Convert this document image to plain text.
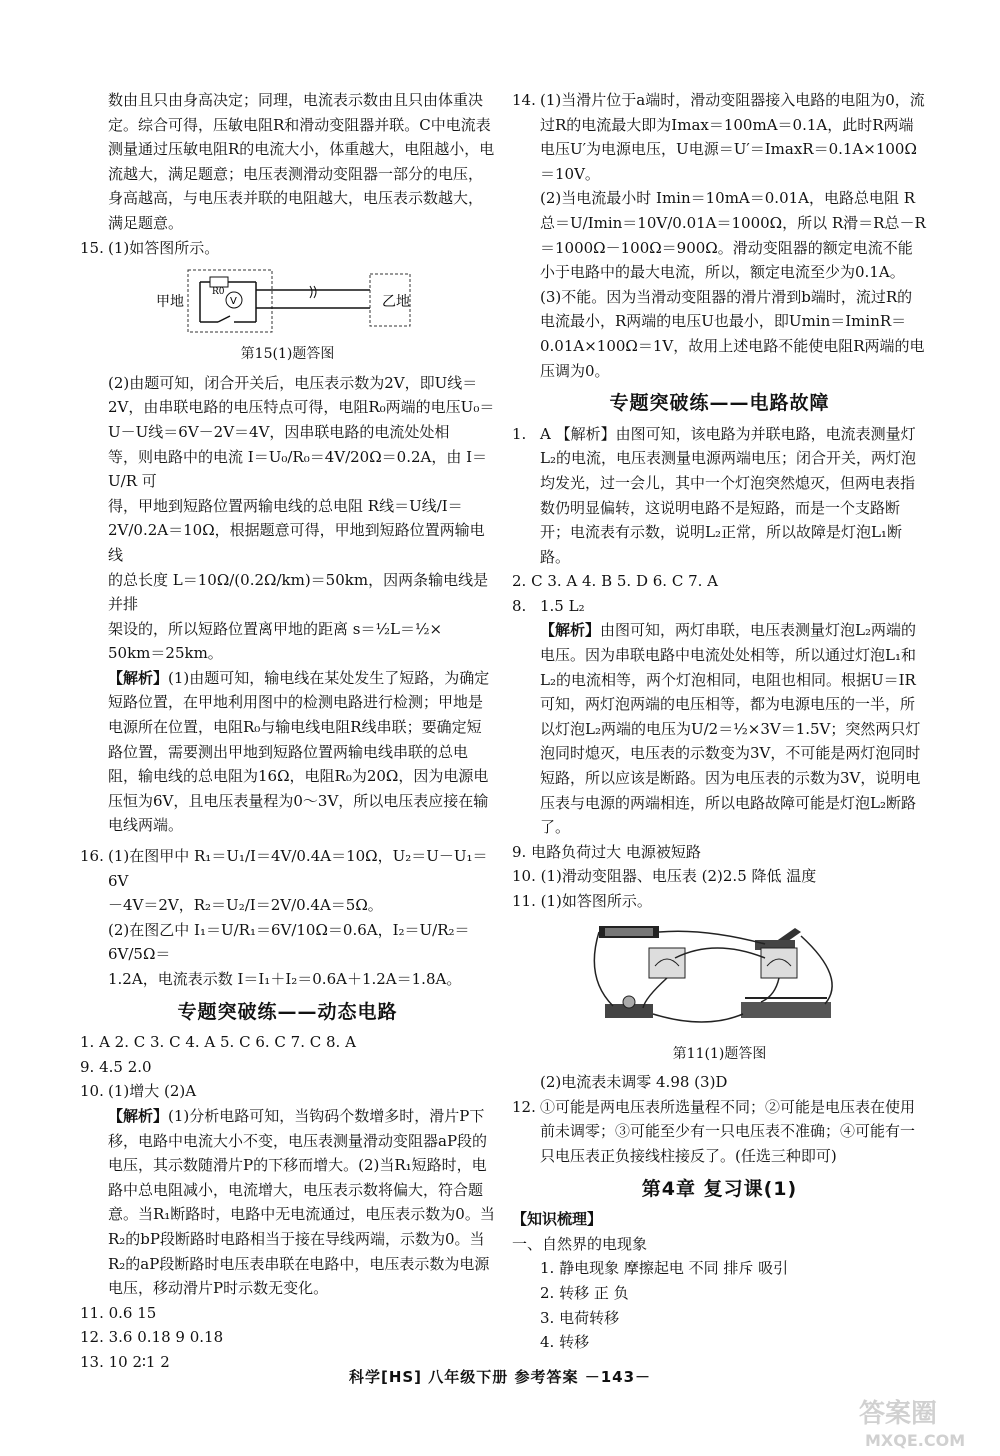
数由且只由身高决定；同理，电流表示数由且只由体重决定。综合可得，压敏电阻R和滑动变阻器并联。C中电流表测量通过压敏电阻R的电流大小，体重越大，电阻越小，电流越大，满足题意；电压表测滑动变阻器一部分的电压，身高越高，与电压表并联的电阻越大，电压表示数越大，满足题意。

15. (1)如答图所示。

甲地
R0
V	乙地

第15(1)题答图

(2)由题可知，闭合开关后，电压表示数为2V，即U线＝2V，由串联电路的电压特点可得，电阻R₀两端的电压U₀＝U－U线＝6V－2V＝4V，因串联电路的电流处处相

等，则电路中的电流 I＝U₀/R₀＝4V/20Ω＝0.2A，由 I＝U/R 可

得，甲地到短路位置两输电线的总电阻 R线＝U线/I＝

2V/0.2A＝10Ω，根据题意可得，甲地到短路位置两输电线

的总长度 L＝10Ω/(0.2Ω/km)＝50km，因两条输电线是并排

架设的，所以短路位置离甲地的距离 s＝½L＝½×

50km＝25km。

【解析】(1)由题可知，输电线在某处发生了短路，为确定短路位置，在甲地利用图中的检测电路进行检测；甲地是电源所在位置，电阻R₀与输电线电阻R线串联；要确定短路位置，需要测出甲地到短路位置两输电线串联的总电阻，输电线的总电阻为16Ω，电阻R₀为20Ω，因为电源电压恒为6V，且电压表量程为0～3V，所以电压表应接在输电线两端。

16. (1)在图甲中 R₁＝U₁/I＝4V/0.4A＝10Ω，U₂＝U－U₁＝6V

－4V＝2V，R₂＝U₂/I＝2V/0.4A＝5Ω。

(2)在图乙中 I₁＝U/R₁＝6V/10Ω＝0.6A，I₂＝U/R₂＝6V/5Ω＝

1.2A，电流表示数 I＝I₁＋I₂＝0.6A＋1.2A＝1.8A。

专题突破练——动态电路

1. A 2. C 3. C 4. A 5. C 6. C 7. C 8. A

9. 4.5 2.0

10. (1)增大 (2)A

【解析】(1)分析电路可知，当钩码个数增多时，滑片P下移，电路中电流大小不变，电压表测量滑动变阻器aP段的电压，其示数随滑片P的下移而增大。(2)当R₁短路时，电路中总电阻减小，电流增大，电压表示数将偏大，符合题意。当R₁断路时，电路中无电流通过，电压表示数为0。当R₂的bP段断路时电路相当于接在导线两端，示数为0。当R₂的aP段断路时电压表串联在电路中，电压表示数为电源电压，移动滑片P时示数无变化。

11. 0.6 15

12. 3.6 0.18 9 0.18

13. 10 2∶1 2

14. (1)当滑片位于a端时，滑动变阻器接入电路的电阻为0，流过R的电流最大即为Imax＝100mA＝0.1A，此时R两端电压U′为电源电压，U电源＝U′＝ImaxR＝0.1A×100Ω＝10V。

(2)当电流最小时 Imin＝10mA＝0.01A，电路总电阻 R总＝U/Imin＝10V/0.01A＝1000Ω，所以 R滑＝R总－R＝1000Ω－100Ω＝900Ω。滑动变阻器的额定电流不能小于电路中的最大电流，所以，额定电流至少为0.1A。

(3)不能。因为当滑动变阻器的滑片滑到b端时，流过R的电流最小，R两端的电压U也最小，即Umin＝IminR＝0.01A×100Ω＝1V，故用上述电路不能使电阻R两端的电压调为0。

专题突破练——电路故障

1. A 【解析】由图可知，该电路为并联电路，电流表测量灯L₂的电流，电压表测量电源两端电压；闭合开关，两灯泡均发光，过一会儿，其中一个灯泡突然熄灭，但两电表指数仍明显偏转，这说明电路不是短路，而是一个支路断开；电流表有示数，说明L₂正常，所以故障是灯泡L₁断路。

2. C 3. A 4. B 5. D 6. C 7. A

8. 1.5 L₂

【解析】由图可知，两灯串联，电压表测量灯泡L₂两端的电压。因为串联电路中电流处处相等，所以通过灯泡L₁和L₂的电流相等，两个灯泡相同，电阻也相同。根据U＝IR可知，两灯泡两端的电压相等，都为电源电压的一半，所以灯泡L₂两端的电压为U/2＝½×3V＝1.5V；突然两只灯泡同时熄灭，电压表的示数变为3V，不可能是两灯泡同时短路，所以应该是断路。因为电压表的示数为3V，说明电压表与电源的两端相连，所以电路故障可能是灯泡L₂断路了。

9. 电路负荷过大 电源被短路

10. (1)滑动变阻器、电压表 (2)2.5 降低 温度

11. (1)如答图所示。

第11(1)题答图

(2)电流表未调零 4.98 (3)D

12. ①可能是两电压表所选量程不同；②可能是电压表在使用前未调零；③可能至少有一只电压表不准确；④可能有一只电压表正负接线柱接反了。(任选三种即可)

第4章 复习课(1)

【知识梳理】

一、自然界的电现象

1. 静电现象 摩擦起电 不同 排斥 吸引

2. 转移 正 负

3. 电荷转移

4. 转移

科学[HS] 八年级下册 参考答案 －143－
答案圈
MXQE.COM
